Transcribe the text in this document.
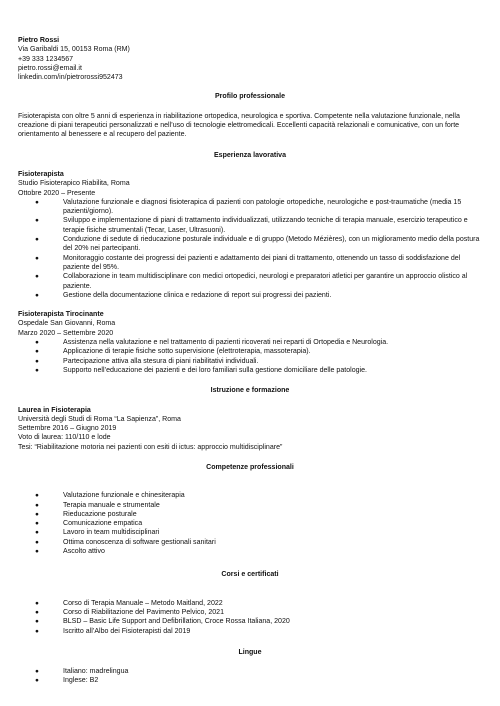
Pietro Rossi

Via Garibaldi 15, 00153 Roma (RM)

+39 333 1234567

pietro.rossi@email.it

linkedin.com/in/pietrorossi952473

Profilo professionale

Fisioterapista con oltre 5 anni di esperienza in riabilitazione ortopedica, neurologica e sportiva. Competente nella valutazione funzionale, nella creazione di piani terapeutici personalizzati e nell’uso di tecnologie elettromedicali. Eccellenti capacità relazionali e comunicative, con un forte orientamento al benessere e al recupero del paziente.

Esperienza lavorativa

Fisioterapista

Studio Fisioterapico Riabilita, Roma

Ottobre 2020 – Presente

● Valutazione funzionale e diagnosi fisioterapica di pazienti con patologie ortopediche, neurologiche e post-traumatiche (media 15 pazienti/giorno).
● Sviluppo e implementazione di piani di trattamento individualizzati, utilizzando tecniche di terapia manuale, esercizio terapeutico e terapie fisiche strumentali (Tecar, Laser, Ultrasuoni).
● Conduzione di sedute di rieducazione posturale individuale e di gruppo (Metodo Mézières), con un miglioramento medio della postura del 20% nei partecipanti.
● Monitoraggio costante dei progressi dei pazienti e adattamento dei piani di trattamento, ottenendo un tasso di soddisfazione del paziente del 95%.
● Collaborazione in team multidisciplinare con medici ortopedici, neurologi e preparatori atletici per garantire un approccio olistico al paziente.
● Gestione della documentazione clinica e redazione di report sui progressi dei pazienti.

Fisioterapista Tirocinante

Ospedale San Giovanni, Roma

Marzo 2020 – Settembre 2020

● Assistenza nella valutazione e nel trattamento di pazienti ricoverati nei reparti di Ortopedia e Neurologia.
● Applicazione di terapie fisiche sotto supervisione (elettroterapia, massoterapia).
● Partecipazione attiva alla stesura di piani riabilitativi individuali.
● Supporto nell’educazione dei pazienti e dei loro familiari sulla gestione domiciliare delle patologie.
Istruzione e formazione

Laurea in Fisioterapia

Università degli Studi di Roma “La Sapienza”, Roma

Settembre 2016 – Giugno 2019

Voto di laurea: 110/110 e lode

Tesi: “Riabilitazione motoria nei pazienti con esiti di ictus: approccio multidisciplinare”

Competenze professionali
● Valutazione funzionale e chinesiterapia
● Terapia manuale e strumentale
● Rieducazione posturale
● Comunicazione empatica
● Lavoro in team multidisciplinari
● Ottima conoscenza di software gestionali sanitari
● Ascolto attivo
Corsi e certificati
● Corso di Terapia Manuale – Metodo Maitland, 2022
● Corso di Riabilitazione del Pavimento Pelvico, 2021
● BLSD – Basic Life Support and Defibrillation, Croce Rossa Italiana, 2020
● Iscritto all’Albo dei Fisioterapisti dal 2019
Lingue
● Italiano: madrelingua
● Inglese: B2
